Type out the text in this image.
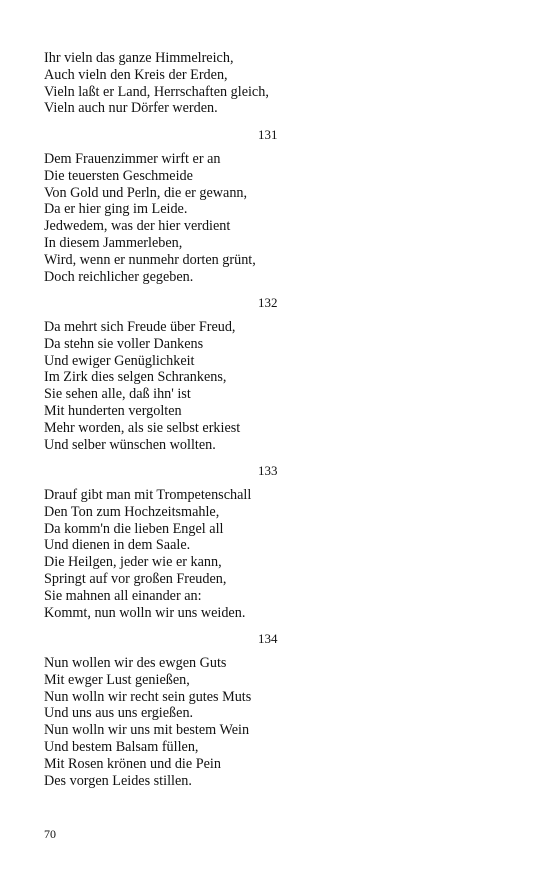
Ihr vieln das ganze Himmelreich,
Auch vieln den Kreis der Erden,
Vieln laßt er Land, Herrschaften gleich,
Vieln auch nur Dörfer werden.
131
Dem Frauenzimmer wirft er an
Die teuersten Geschmeide
Von Gold und Perln, die er gewann,
Da er hier ging im Leide.
Jedwedem, was der hier verdient
In diesem Jammerleben,
Wird, wenn er nunmehr dorten grünt,
Doch reichlicher gegeben.
132
Da mehrt sich Freude über Freud,
Da stehn sie voller Dankens
Und ewiger Genüglichkeit
Im Zirk dies selgen Schrankens,
Sie sehen alle, daß ihn' ist
Mit hunderten vergolten
Mehr worden, als sie selbst erkiest
Und selber wünschen wollten.
133
Drauf gibt man mit Trompetenschall
Den Ton zum Hochzeitsmahle,
Da komm'n die lieben Engel all
Und dienen in dem Saale.
Die Heilgen, jeder wie er kann,
Springt auf vor großen Freuden,
Sie mahnen all einander an:
Kommt, nun wolln wir uns weiden.
134
Nun wollen wir des ewgen Guts
Mit ewger Lust genießen,
Nun wolln wir recht sein gutes Muts
Und uns aus uns ergießen.
Nun wolln wir uns mit bestem Wein
Und bestem Balsam füllen,
Mit Rosen krönen und die Pein
Des vorgen Leides stillen.
70
